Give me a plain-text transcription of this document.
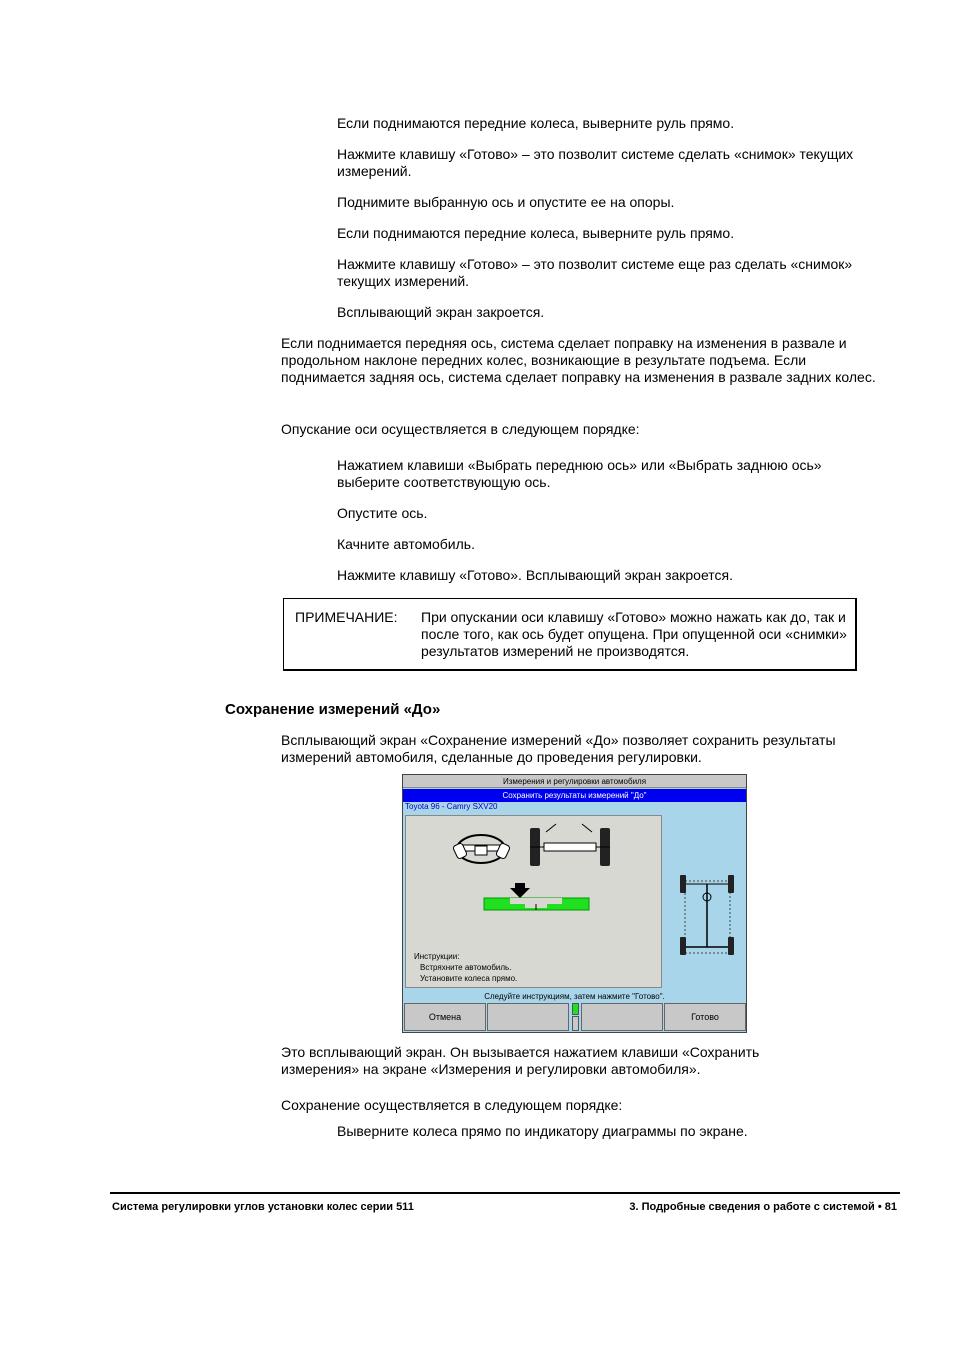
Если поднимаются передние колеса, выверните руль прямо.

Нажмите клавишу «Готово» – это позволит системе сделать «снимок» текущих измерений.

Поднимите выбранную ось и опустите ее на опоры.

Если поднимаются передние колеса, выверните руль прямо.

Нажмите клавишу «Готово» – это позволит системе еще раз сделать «снимок» текущих измерений.

Всплывающий экран закроется.

Если поднимается передняя ось, система сделает поправку на изменения в развале и продольном наклоне передних колес, возникающие в результате подъема. Если поднимается задняя ось, система сделает поправку на изменения в развале задних колес.

Опускание оси осуществляется в следующем порядке:

Нажатием клавиши «Выбрать переднюю ось» или «Выбрать заднюю ось» выберите соответствующую ось.

Опустите ось.

Качните автомобиль.

Нажмите клавишу «Готово». Всплывающий экран закроется.

ПРИМЕЧАНИЕ: При опускании оси клавишу «Готово» можно нажать как до, так и после того, как ось будет опущена. При опущенной оси «снимки» результатов измерений не производятся.
Сохранение измерений «До»

Всплывающий экран «Сохранение измерений «До» позволяет сохранить результаты измерений автомобиля, сделанные до проведения регулировки.

Измерения и регулировки автомобиля
Сохранить результаты измерений "До"
Toyota 96 - Camry SXV20
Инструкции:
Встряхните автомобиль.
Установите колеса прямо.
Следуйте инструкциям, затем нажмите "Готово".
Отмена	Готово

Это всплывающий экран. Он вызывается нажатием клавиши «Сохранить измерения» на экране «Измерения и регулировки автомобиля».

Сохранение осуществляется в следующем порядке:

Выверните колеса прямо по индикатору диаграммы по экране.

Система регулировки углов установки колес серии 511	3. Подробные сведения о работе с системой • 81
